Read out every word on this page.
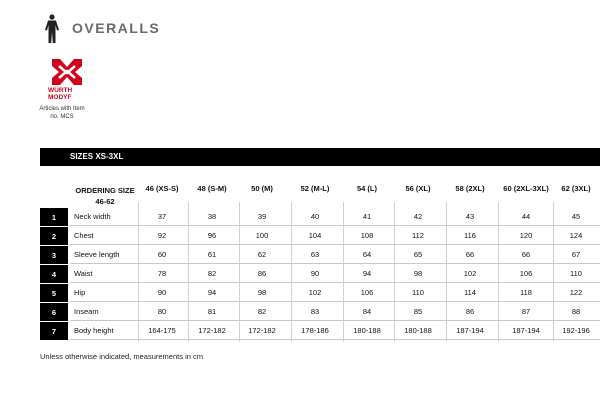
OVERALLS
WÜRTH
MODYF
Articles with Item
no. MCS
SIZES XS-3XL
ORDERING SIZE
46-62
46 (XS-S)	48 (S-M)	50 (M)	52 (M-L)	54 (L)	56 (XL)	58 (2XL)	60 (2XL-3XL)	62 (3XL)
1	Neck width	37	38	39	40	41	42	43	44	45
2	Chest	92	96	100	104	108	112	116	120	124
3	Sleeve length	60	61	62	63	64	65	66	66	67
4	Waist	78	82	86	90	94	98	102	106	110
5	Hip	90	94	98	102	106	110	114	118	122
6	Inseam	80	81	82	83	84	85	86	87	88
7	Body height	164-175	172-182	172-182	178-186	180-188	180-188	187-194	187-194	192-196
Unless otherwise indicated, measurements in cm
